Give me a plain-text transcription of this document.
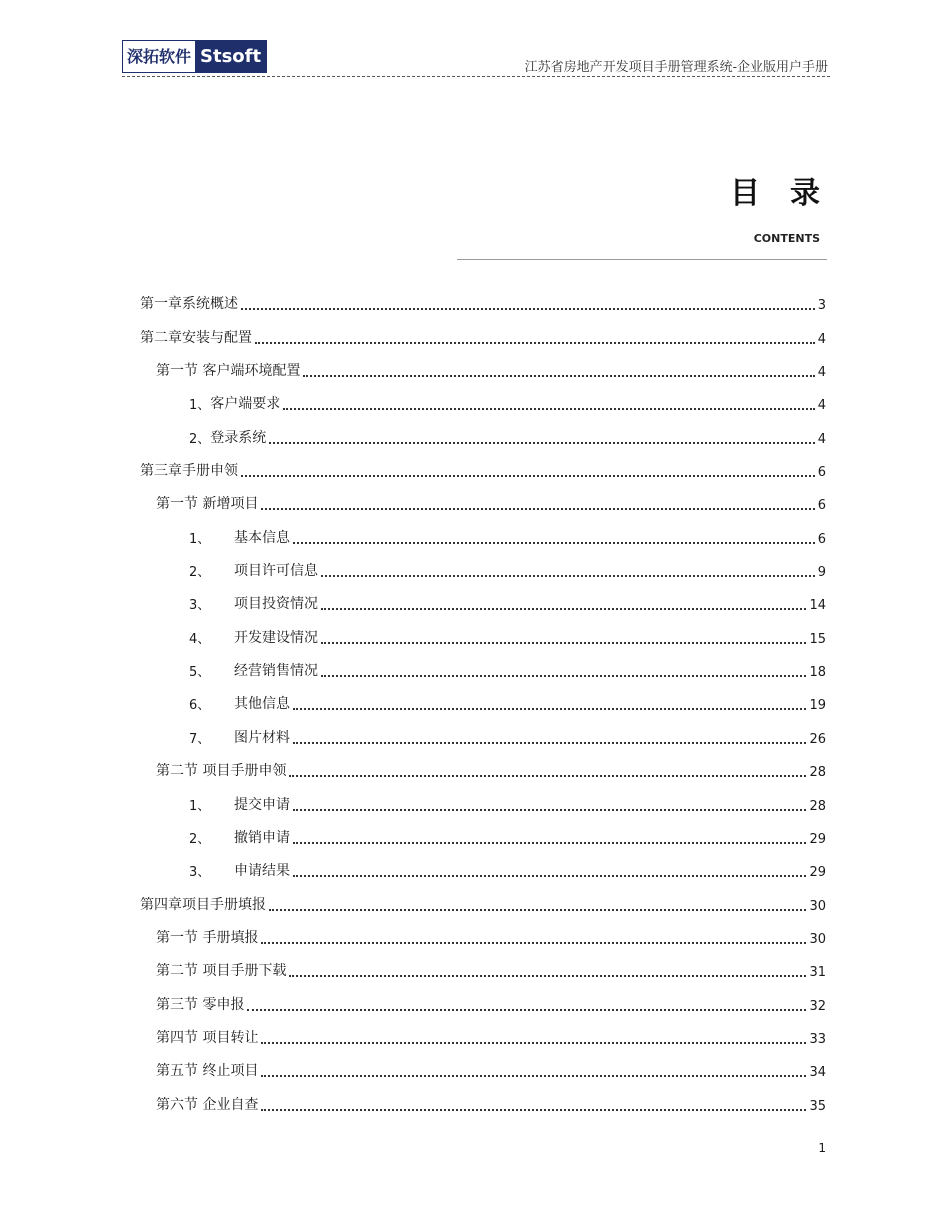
深拓软件 Stsoft
江苏省房地产开发项目手册管理系统-企业版用户手册
目录
CONTENTS
第一章系统概述	3
第二章安装与配置	4
第一节 客户端环境配置	4
1、 客户端要求	4
2、 登录系统	4
第三章手册申领	6
第一节 新增项目	6
1、	基本信息	6
2、	项目许可信息	9
3、	项目投资情况	14
4、	开发建设情况	15
5、	经营销售情况	18
6、	其他信息	19
7、	图片材料	26
第二节 项目手册申领	28
1、	提交申请	28
2、	撤销申请	29
3、	申请结果	29
第四章项目手册填报	30
第一节 手册填报	30
第二节 项目手册下载	31
第三节 零申报	32
第四节 项目转让	33
第五节 终止项目	34
第六节 企业自查	35
1
